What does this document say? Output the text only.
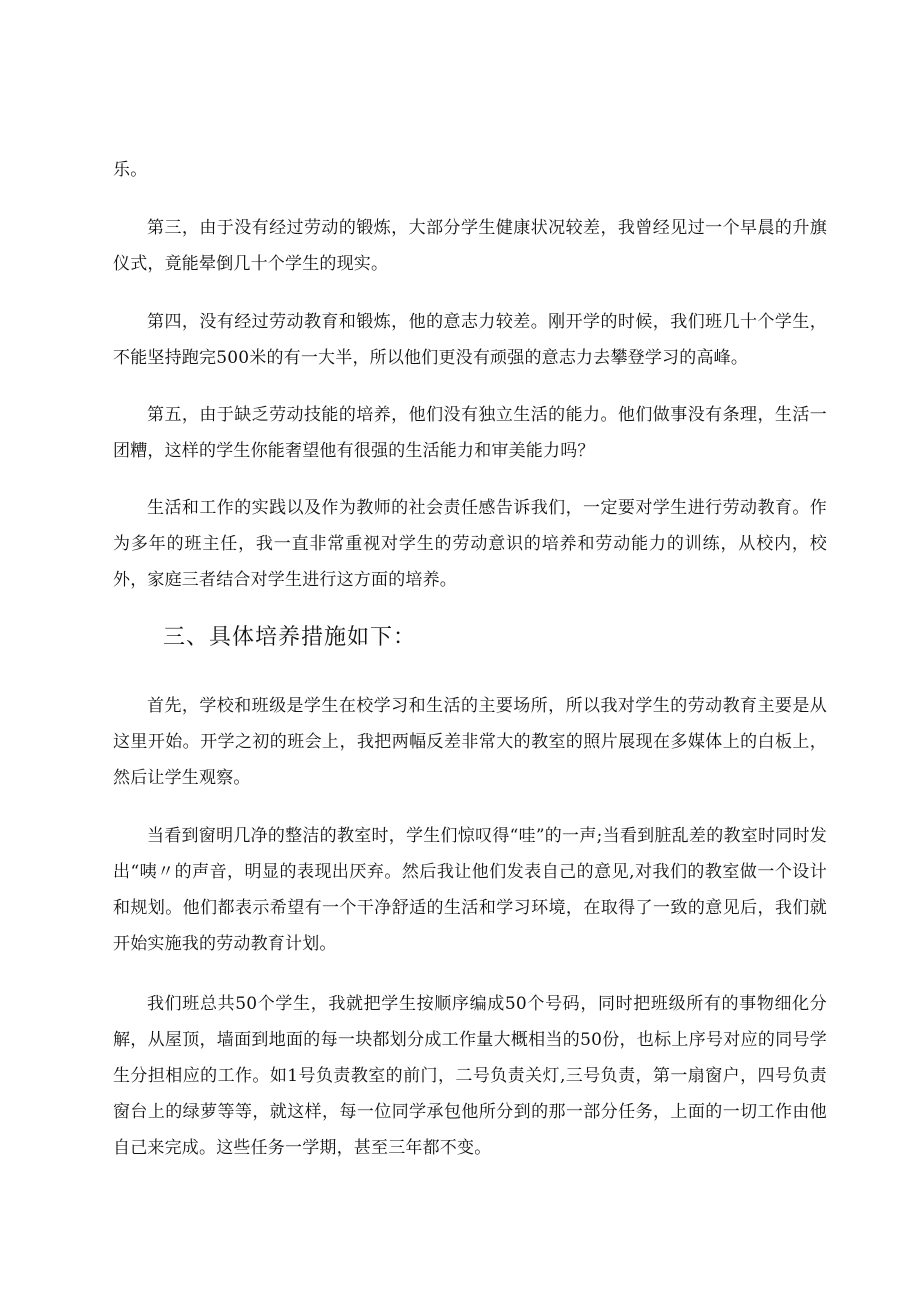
乐。

第三，由于没有经过劳动的锻炼，大部分学生健康状况较差，我曾经见过一个早晨的升旗仪式，竟能晕倒几十个学生的现实。

第四，没有经过劳动教育和锻炼，他的意志力较差。刚开学的时候，我们班几十个学生，不能坚持跑完500米的有一大半，所以他们更没有顽强的意志力去攀登学习的高峰。

第五，由于缺乏劳动技能的培养，他们没有独立生活的能力。他们做事没有条理，生活一团糟，这样的学生你能奢望他有很强的生活能力和审美能力吗？

生活和工作的实践以及作为教师的社会责任感告诉我们，一定要对学生进行劳动教育。作为多年的班主任，我一直非常重视对学生的劳动意识的培养和劳动能力的训练，从校内，校外，家庭三者结合对学生进行这方面的培养。

三、具体培养措施如下：

首先，学校和班级是学生在校学习和生活的主要场所，所以我对学生的劳动教育主要是从这里开始。开学之初的班会上，我把两幅反差非常大的教室的照片展现在多媒体上的白板上，然后让学生观察。

当看到窗明几净的整洁的教室时，学生们惊叹得“哇”的一声;当看到脏乱差的教室时同时发出“咦〃的声音，明显的表现出厌弃。然后我让他们发表自己的意见,对我们的教室做一个设计和规划。他们都表示希望有一个干净舒适的生活和学习环境，在取得了一致的意见后，我们就开始实施我的劳动教育计划。

我们班总共50个学生，我就把学生按顺序编成50个号码，同时把班级所有的事物细化分解，从屋顶，墙面到地面的每一块都划分成工作量大概相当的50份，也标上序号对应的同号学生分担相应的工作。如1号负责教室的前门，二号负责关灯,三号负责，第一扇窗户，四号负责窗台上的绿萝等等，就这样，每一位同学承包他所分到的那一部分任务，上面的一切工作由他自己来完成。这些任务一学期，甚至三年都不变。
